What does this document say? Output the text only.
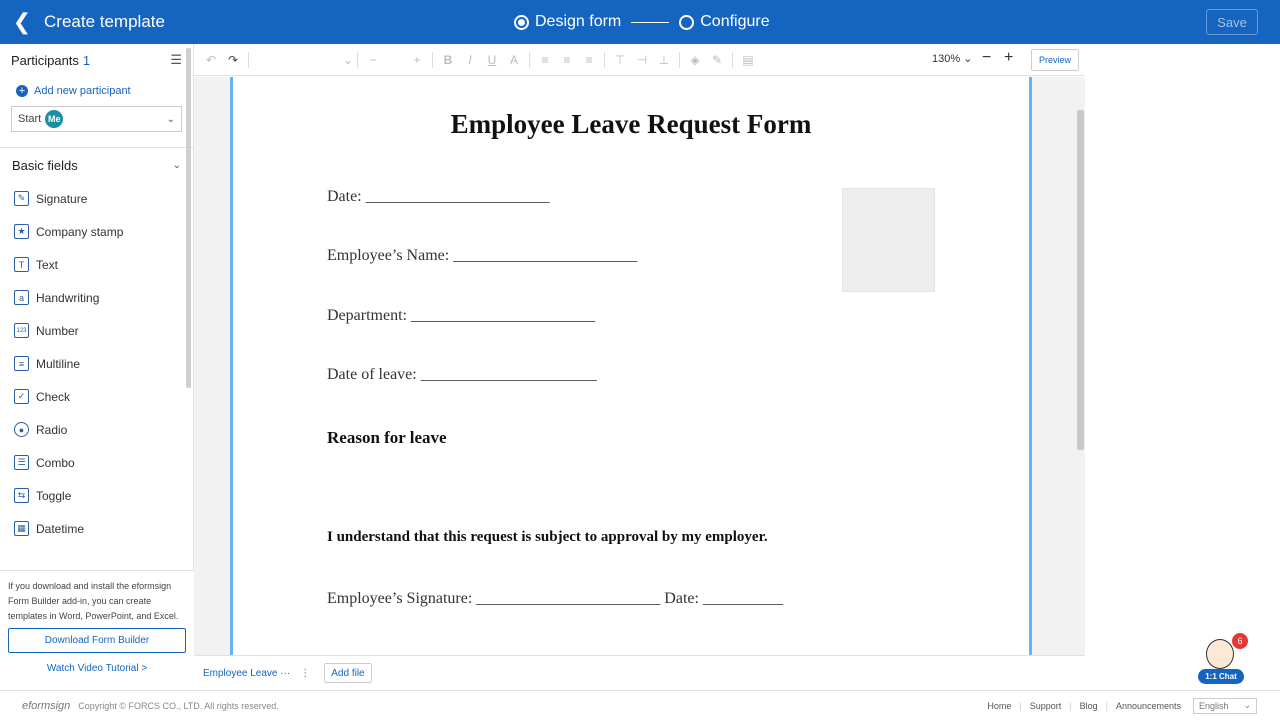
❮ Create template	Design form	Configure	Save
Participants 1	☰
+ Add new participant
Start Me	⌄
Basic fields	⌄
✎ Signature
★ Company stamp
T Text
a	Handwriting
123 Number
≡ Multiline
✓ Check
● Radio
☰ Combo
⇆ Toggle
▦ Datetime

If you download and install the eformsign Form Builder add-in, you can create templates in Word, PowerPoint, and Excel.

Download Form Builder
Watch Video Tutorial >
↶ ↷	⌄	−	+	B	I	U	A	≡	≡	≡	⊤ ⊣ ⊥	◈	✎	▤	130% ⌄ − +	Preview
Employee Leave Request Form
Date: _______________________
Employee’s Name: _______________________
Department: _______________________
Date of leave: ______________________
Reason for leave
I understand that this request is subject to approval by my employer.
Employee’s Signature: _______________________ Date: __________
Employee Leave ··· ⋮	Add file
eformsign Copyright © FORCS CO., LTD. All rights reserved.	Home | Support | Blog | Announcements English ⌄
6
1:1 Chat
